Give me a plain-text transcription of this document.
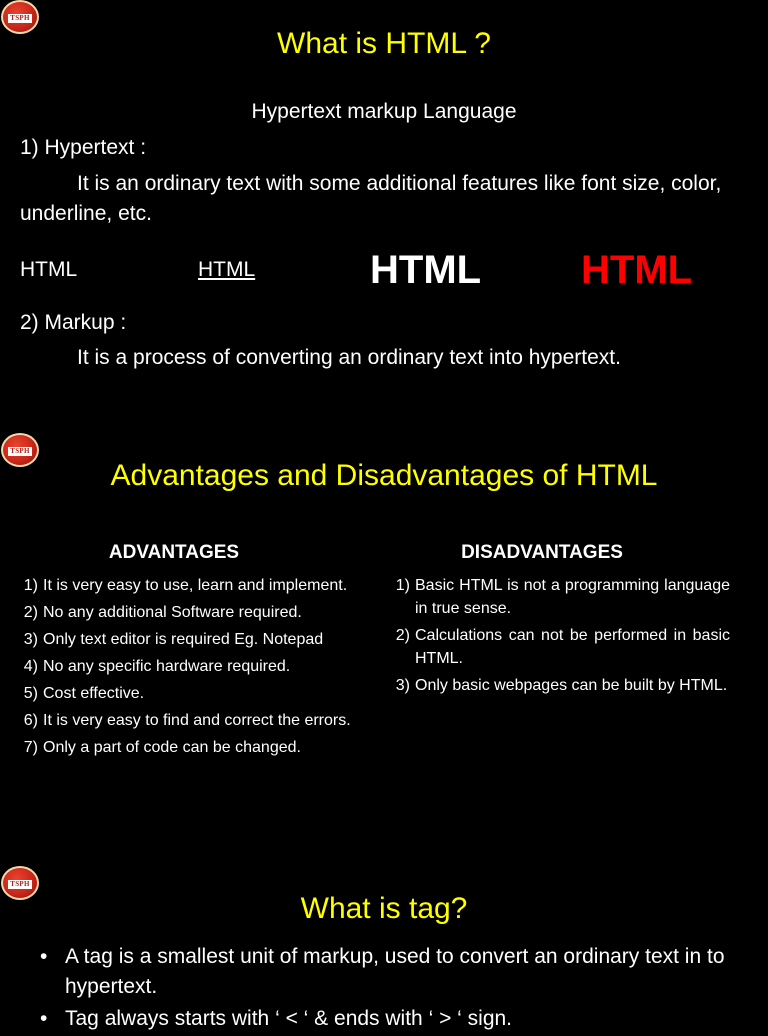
TSPH
What is HTML ?
Hypertext markup Language
1) Hypertext :
It is an ordinary text with some additional features like font size, color, underline, etc.
HTML	HTML	HTML HTML
2) Markup :
It is a process of converting an ordinary text into hypertext.
TSPH
Advantages and Disadvantages of HTML
ADVANTAGES	DISADVANTAGES
1) It is very easy to use, learn and implement.
2) No any additional Software required.
3) Only text editor is required Eg. Notepad
4) No any specific hardware required.
5) Cost effective.
6) It is very easy to find and correct the errors.
7) Only a part of code can be changed.
1) Basic HTML is not a programming language in true sense.
2) Calculations can not be performed in basic HTML.
3) Only basic webpages can be built by HTML.
TSPH
What is tag?
• A tag is a smallest unit of markup, used to convert an ordinary text in to hypertext.
• Tag always starts with ‘ < ‘ & ends with ‘ > ‘ sign.
